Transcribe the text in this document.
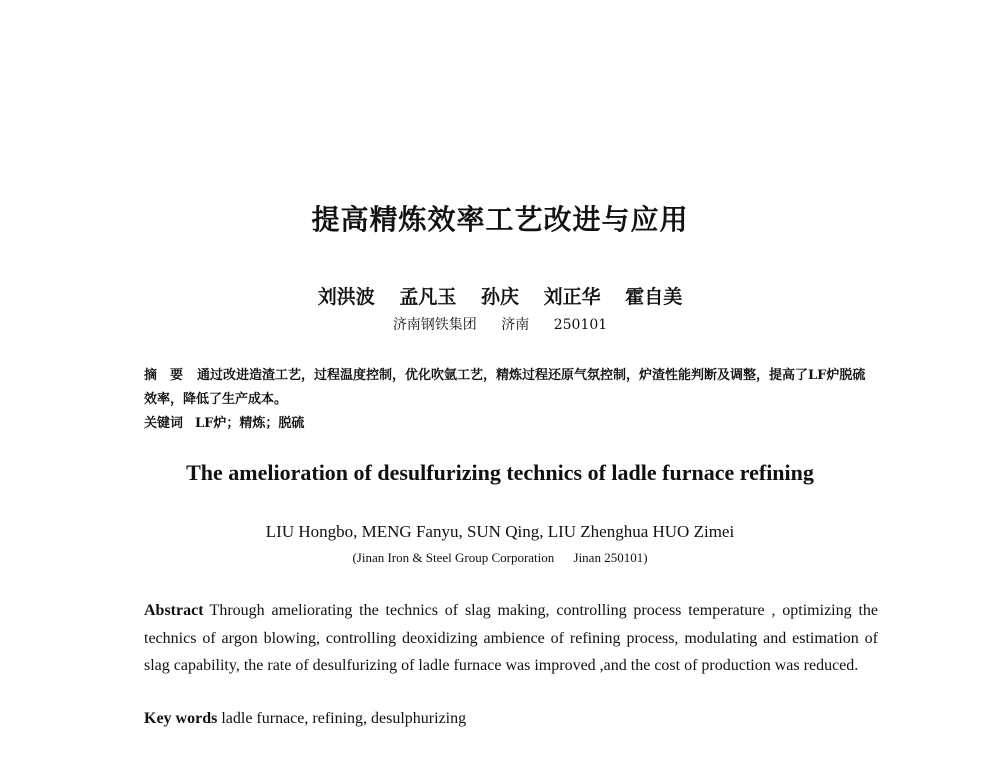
提高精炼效率工艺改进与应用
刘洪波 孟凡玉 孙庆 刘正华 霍自美
济南钢铁集团 济南 250101
摘　要 通过改进造渣工艺，过程温度控制，优化吹氩工艺，精炼过程还原气氛控制，炉渣性能判断及调整，提高了LF炉脱硫效率，降低了生产成本。
关键词 LF炉；精炼；脱硫
The amelioration of desulfurizing technics of ladle furnace refining
LIU Hongbo, MENG Fanyu, SUN Qing, LIU Zhenghua HUO Zimei
(Jinan Iron & Steel Group Corporation Jinan 250101)
Abstract Through ameliorating the technics of slag making, controlling process temperature , optimizing the technics of argon blowing, controlling deoxidizing ambience of refining process, modulating and estimation of slag capability, the rate of desulfurizing of ladle furnace was improved ,and the cost of production was reduced.
Key words ladle furnace, refining, desulphurizing
